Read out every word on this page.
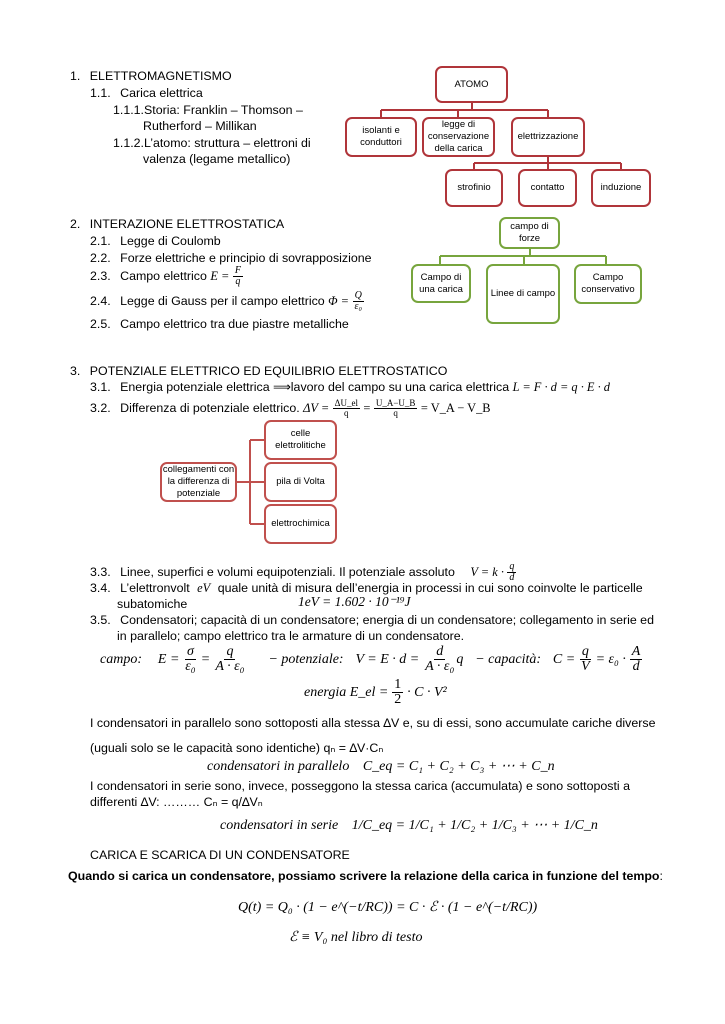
1. ELETTROMAGNETISMO
1.1. Carica elettrica
1.1.1.Storia: Franklin – Thomson –
Rutherford – Millikan
1.1.2.L’atomo: struttura – elettroni di
valenza (legame metallico)
ATOMO
isolanti e conduttori
legge di conservazione della carica
elettrizzazione
strofinio	contatto	induzione
2. INTERAZIONE ELETTROSTATICA
2.1. Legge di Coulomb
2.2. Forze elettriche e principio di sovrapposizione
2.3. Campo elettrico $E = \frac{F}{q}$
2.4. Legge di Gauss per il campo elettrico $\Phi = \frac{Q}{\text{ε₀}}$
2.5. Campo elettrico tra due piastre metalliche
campo di forze
Campo di una carica	Linee di campo
Campo conservativo
3. POTENZIALE ELETTRICO ED EQUILIBRIO ELETTROSTATICO
3.1. Energia potenziale elettrica ⟹lavoro del campo su una carica elettrica L = F · d = q · E · d
3.2. Differenza di potenziale elettrico. $\Delta V = \frac{\Delta U\_el}{q} = \frac{U\_A-U\_B}{q}$ = V_A − V_B
collegamenti con la differenza di potenziale
celle elettrolitiche
pila di Volta
elettrochimica
3.3. Linee, superfici e volumi equipotenziali. Il potenziale assoluto $V = k \cdot \frac{q}{d}$
3.4. L’elettronvolt eV quale unità di misura dell’energia in processi in cui sono coinvolte le particelle
subatomiche	1eV = 1.602 · 10⁻¹⁹J
3.5. Condensatori; capacità di un condensatore; energia di un condensatore; collegamento in serie ed
in parallelo; campo elettrico tra le armature di un condensatore.
campo: $E = \frac{\sigma}{\text{ε₀}} = \frac{q}{\text{A · ε₀}}$ − potenziale: $V = E \cdot d = \frac{d}{\text{A · ε₀}}$ q − capacità: $C = \frac{q}{V} = \varepsilon_0 \cdot \frac{A}{d}$
energia E_el = $\frac{1}{2} \cdot C \cdot V^2$
I condensatori in parallelo sono sottoposti alla stessa ∆V e, su di essi, sono accumulate cariche diverse
(uguali solo se le capacità sono identiche) qₙ = ∆V·Cₙ
condensatori in parallelo C_eq = C₁ + C₂ + C₃ + ⋯ + C_n
I condensatori in serie sono, invece, posseggono la stessa carica (accumulata) e sono sottoposti a
differenti ∆V: ……… Cₙ = q/∆Vₙ
condensatori in serie 1/C_eq = 1/C₁ + 1/C₂ + 1/C₃ + ⋯ + 1/C_n
CARICA E SCARICA DI UN CONDENSATORE
Quando si carica un condensatore, possiamo scrivere la relazione della carica in funzione del tempo:
Q(t) = Q₀ · (1 − e^(−t/RC)) = C · ℰ · (1 − e^(−t/RC))
ℰ ≡ V₀ nel libro di testo
